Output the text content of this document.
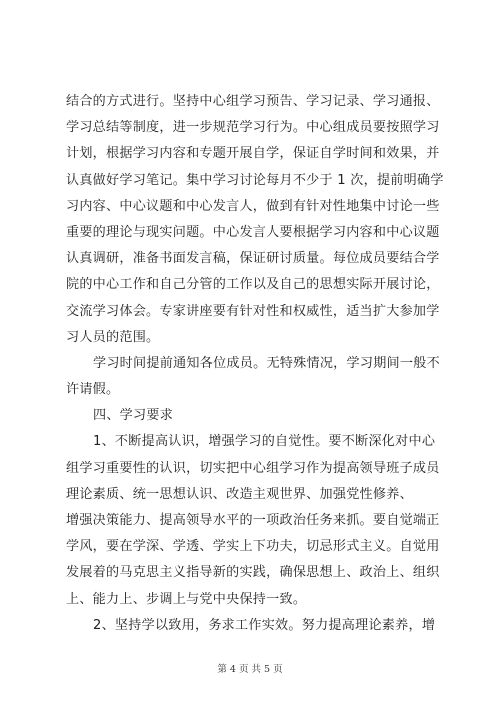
结合的方式进行。坚持中心组学习预告、学习记录、学习通报、
学习总结等制度，进一步规范学习行为。中心组成员要按照学习
计划，根据学习内容和专题开展自学，保证自学时间和效果，并
认真做好学习笔记。集中学习讨论每月不少于 1 次，提前明确学
习内容、中心议题和中心发言人，做到有针对性地集中讨论一些
重要的理论与现实问题。中心发言人要根据学习内容和中心议题
认真调研，准备书面发言稿，保证研讨质量。每位成员要结合学
院的中心工作和自己分管的工作以及自己的思想实际开展讨论，
交流学习体会。专家讲座要有针对性和权威性，适当扩大参加学
习人员的范围。
学习时间提前通知各位成员。无特殊情况，学习期间一般不
许请假。
四、学习要求
1、不断提高认识，增强学习的自觉性。要不断深化对中心
组学习重要性的认识，切实把中心组学习作为提高领导班子成员
理论素质、统一思想认识、改造主观世界、加强党性修养、
增强决策能力、提高领导水平的一项政治任务来抓。要自觉端正
学风，要在学深、学透、学实上下功夫，切忌形式主义。自觉用
发展着的马克思主义指导新的实践，确保思想上、政治上、组织
上、能力上、步调上与党中央保持一致。
2、坚持学以致用，务求工作实效。努力提高理论素养，增
第 4 页 共 5 页
